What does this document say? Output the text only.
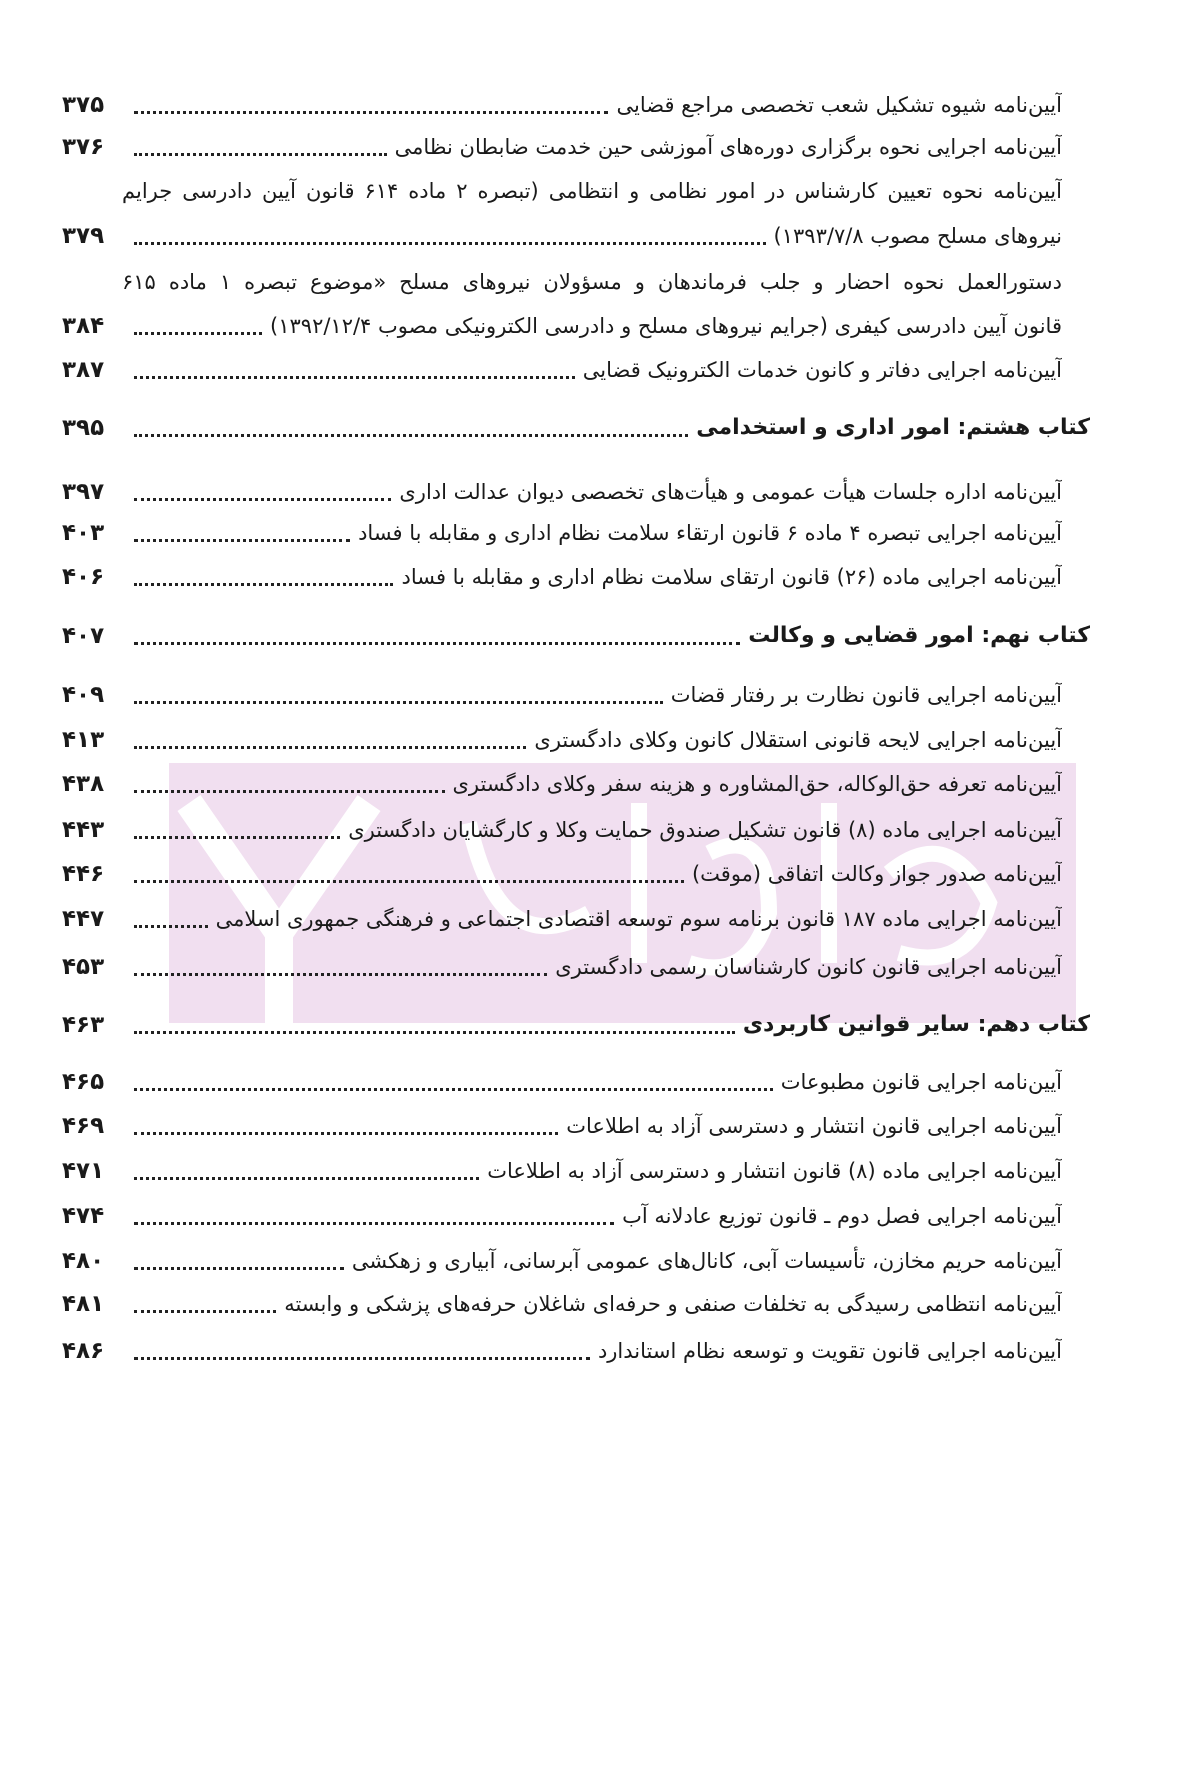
آیین‌نامه شیوه تشکیل شعب تخصصی مراجع قضایی
۳۷۵
آیین‌نامه اجرایی نحوه برگزاری دوره‌های آموزشی حین خدمت ضابطان نظامی
۳۷۶
آیین‌نامه نحوه تعیین کارشناس در امور نظامی و انتظامی (تبصره ۲ ماده ۶۱۴ قانون آیین دادرسی جرایم
نیروهای مسلح مصوب ۱۳۹۳/۷/۸)
۳۷۹
دستورالعمل نحوه احضار و جلب فرماندهان و مسؤولان نیروهای مسلح «موضوع تبصره ۱ ماده ۶۱۵
قانون آیین دادرسی کیفری (جرایم نیروهای مسلح و دادرسی الکترونیکی مصوب ۱۳۹۲/۱۲/۴)
۳۸۴
آیین‌نامه اجرایی دفاتر و کانون خدمات الکترونیک قضایی
۳۸۷
کتاب هشتم: امور اداری و استخدامی
۳۹۵
آیین‌نامه اداره جلسات هیأت عمومی و هیأت‌های تخصصی دیوان عدالت اداری
۳۹۷
آیین‌نامه اجرایی تبصره ۴ ماده ۶ قانون ارتقاء سلامت نظام اداری و مقابله با فساد
۴۰۳
آیین‌نامه اجرایی ماده (۲۶) قانون ارتقای سلامت نظام اداری و مقابله با فساد
۴۰۶
کتاب نهم: امور قضایی و وکالت
۴۰۷
آیین‌نامه اجرایی قانون نظارت بر رفتار قضات
۴۰۹
آیین‌نامه اجرایی لایحه قانونی استقلال کانون وکلای دادگستری
۴۱۳
آیین‌نامه تعرفه حق‌الوکاله، حق‌المشاوره و هزینه سفر وکلای دادگستری
۴۳۸
آیین‌نامه اجرایی ماده (۸) قانون تشکیل صندوق حمایت وکلا و کارگشایان دادگستری
۴۴۳
آیین‌نامه صدور جواز وکالت اتفاقی (موقت)
۴۴۶
آیین‌نامه اجرایی ماده ۱۸۷ قانون برنامه سوم توسعه اقتصادی اجتماعی و فرهنگی جمهوری اسلامی
۴۴۷
آیین‌نامه اجرایی قانون کانون کارشناسان رسمی دادگستری
۴۵۳
کتاب دهم: سایر قوانین کاربردی
۴۶۳
آیین‌نامه اجرایی قانون مطبوعات
۴۶۵
آیین‌نامه اجرایی قانون انتشار و دسترسی آزاد به اطلاعات
۴۶۹
آیین‌نامه اجرایی ماده (۸) قانون انتشار و دسترسی آزاد به اطلاعات
۴۷۱
آیین‌نامه اجرایی فصل دوم ـ قانون توزیع عادلانه آب
۴۷۴
آیین‌نامه حریم مخازن، تأسیسات آبی، کانال‌های عمومی آبرسانی، آبیاری و زهکشی
۴۸۰
آیین‌نامه انتظامی رسیدگی به تخلفات صنفی و حرفه‌ای شاغلان حرفه‌های پزشکی و وابسته
۴۸۱
آیین‌نامه اجرایی قانون تقویت و توسعه نظام استاندارد
۴۸۶
